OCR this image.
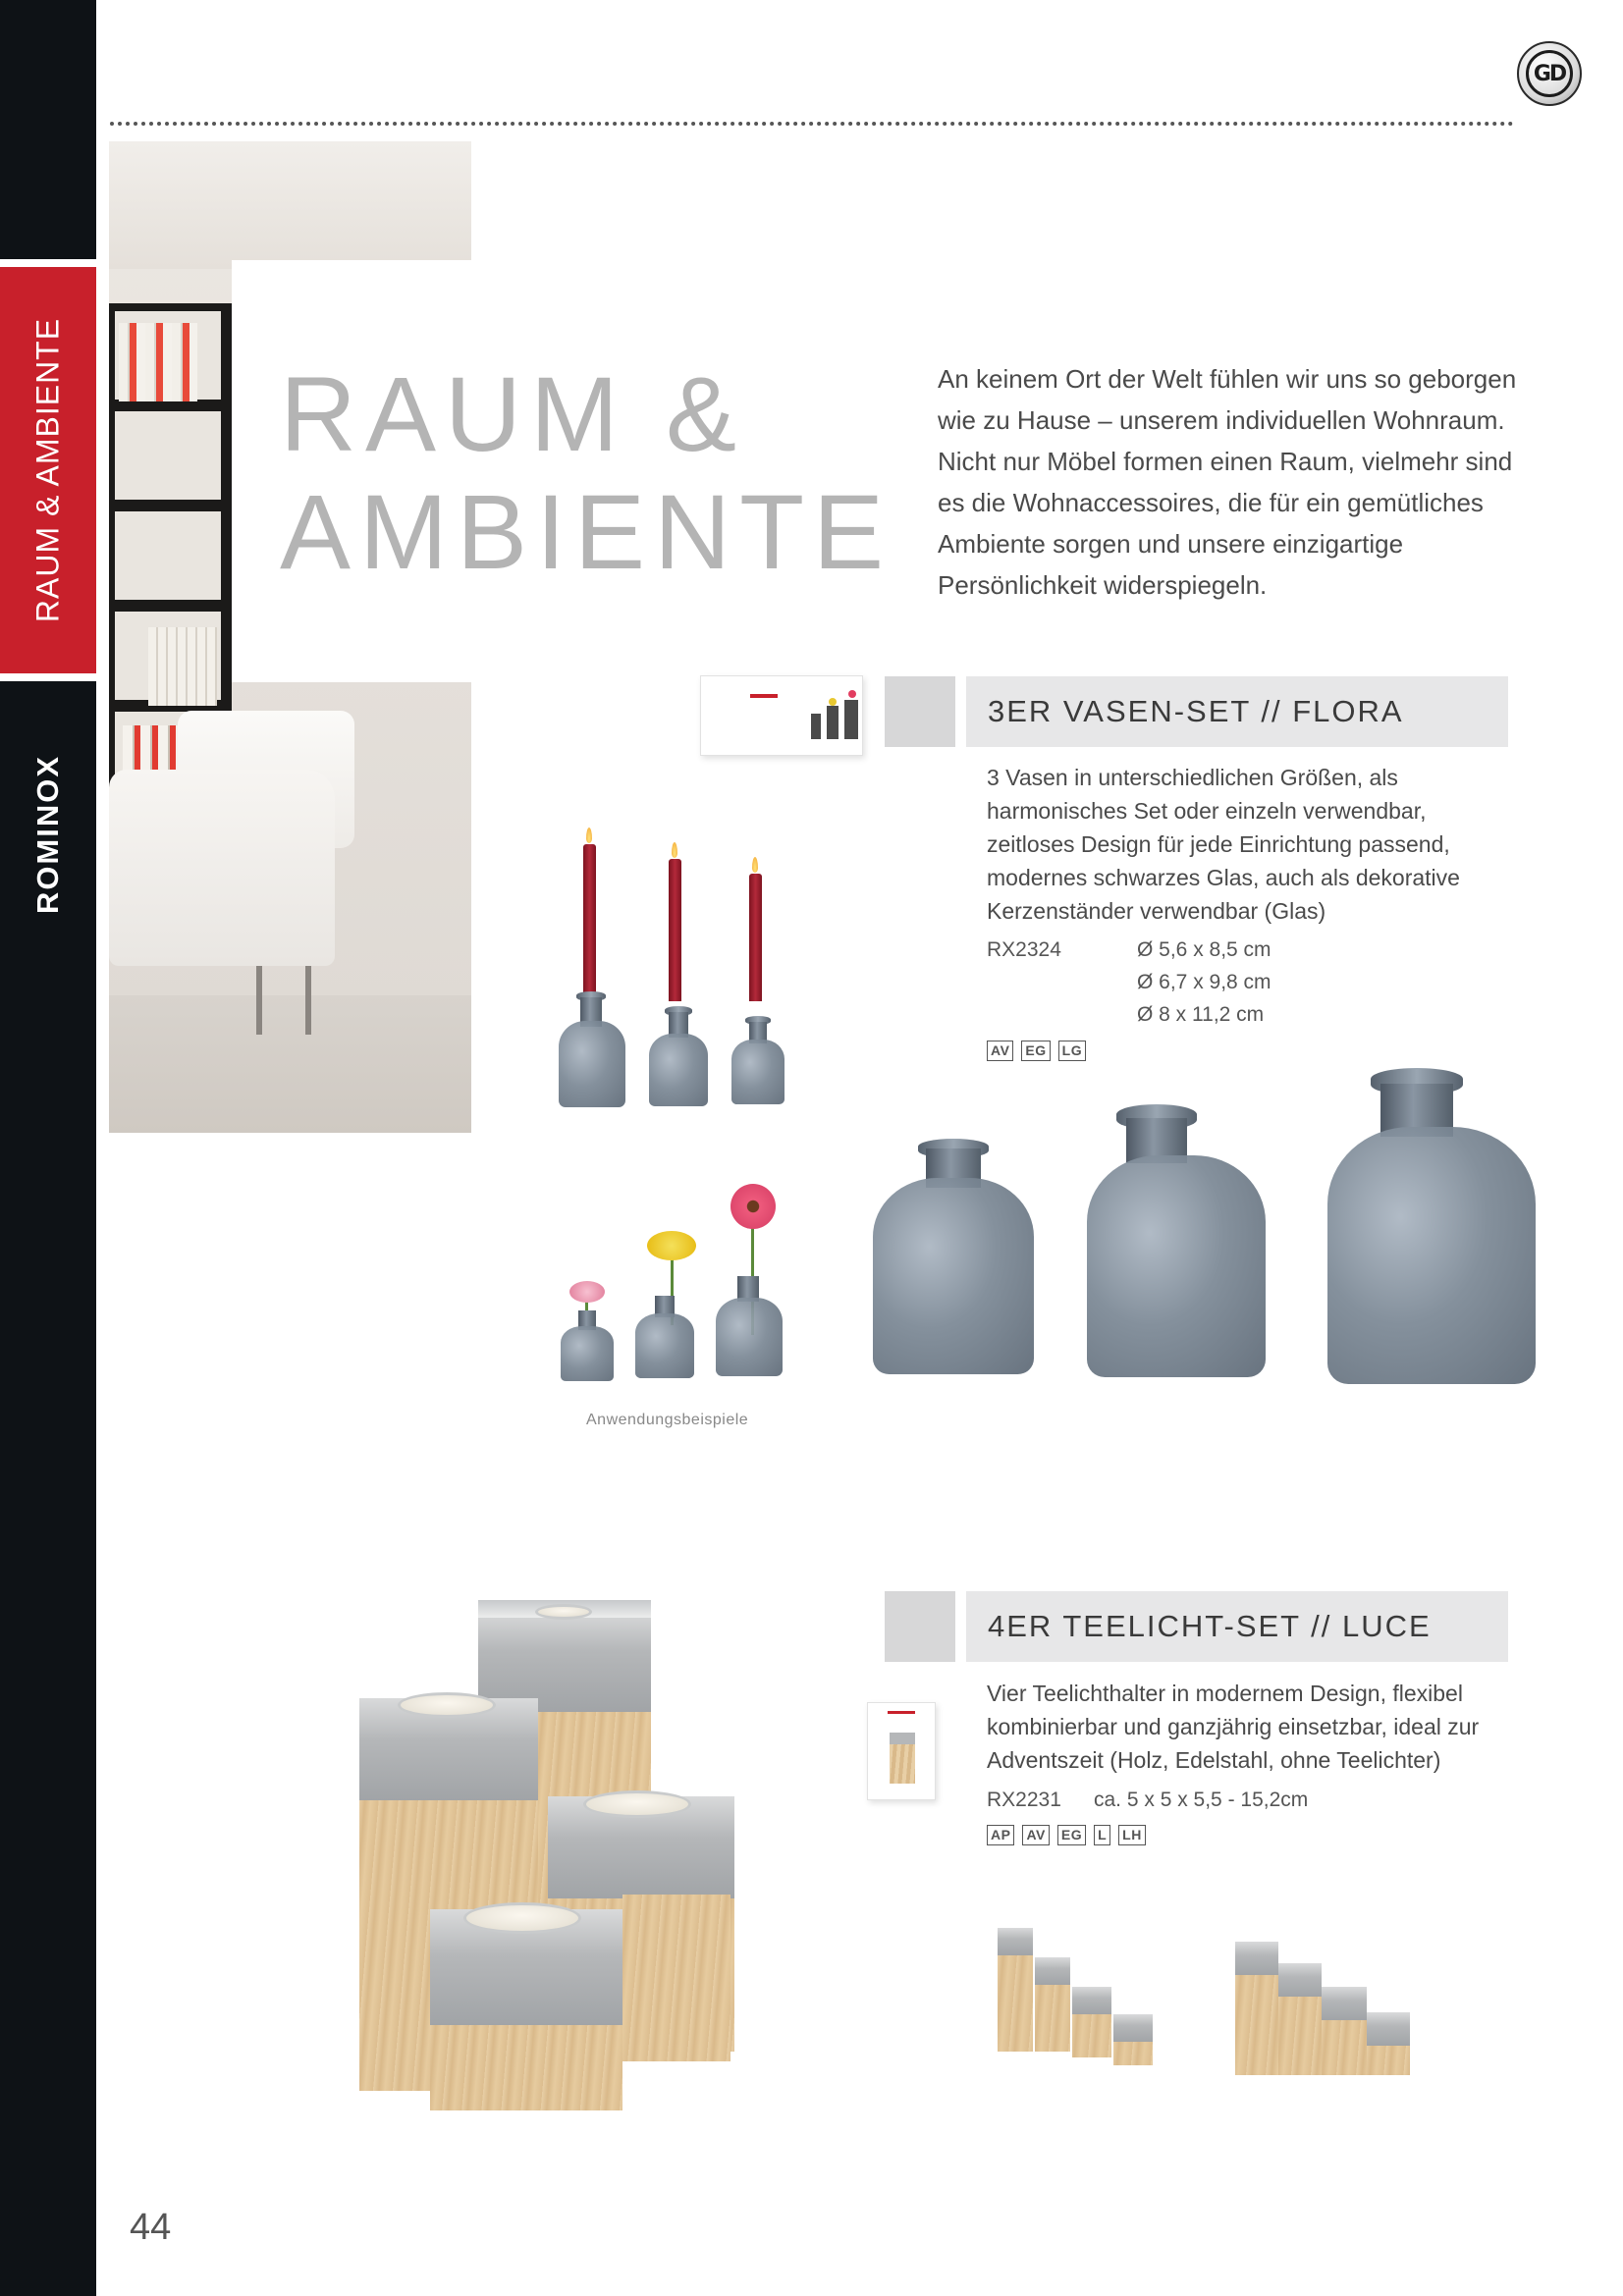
RAUM & AMBIENTE
ROMINOX
GD
RAUM &
AMBIENTE

An keinem Ort der Welt fühlen wir uns so geborgen wie zu Hause – unserem individuellen Wohnraum. Nicht nur Möbel formen einen Raum, vielmehr sind es die Wohnaccessoires, die für ein gemütliches Ambiente sorgen und unsere einzigartige Persönlichkeit widerspiegeln.

3ER VASEN-SET // FLORA

3 Vasen in unterschiedlichen Größen, als harmonisches Set oder einzeln verwendbar, zeitloses Design für jede Einrichtung passend, modernes schwarzes Glas, auch als dekorative Kerzenständer verwendbar (Glas)

RX2324	Ø 5,6 x 8,5 cm
Ø 6,7 x 9,8 cm
Ø 8 x 11,2 cm
AV EG LG
Anwendungsbeispiele
4ER TEELICHT-SET // LUCE

Vier Teelichthalter in modernem Design, flexibel kombinierbar und ganzjährig einsetzbar, ideal zur Adventszeit (Holz, Edelstahl, ohne Teelichter)

RX2231 ca. 5 x 5 x 5,5 - 15,2cm
AP AV EG L LH
44
